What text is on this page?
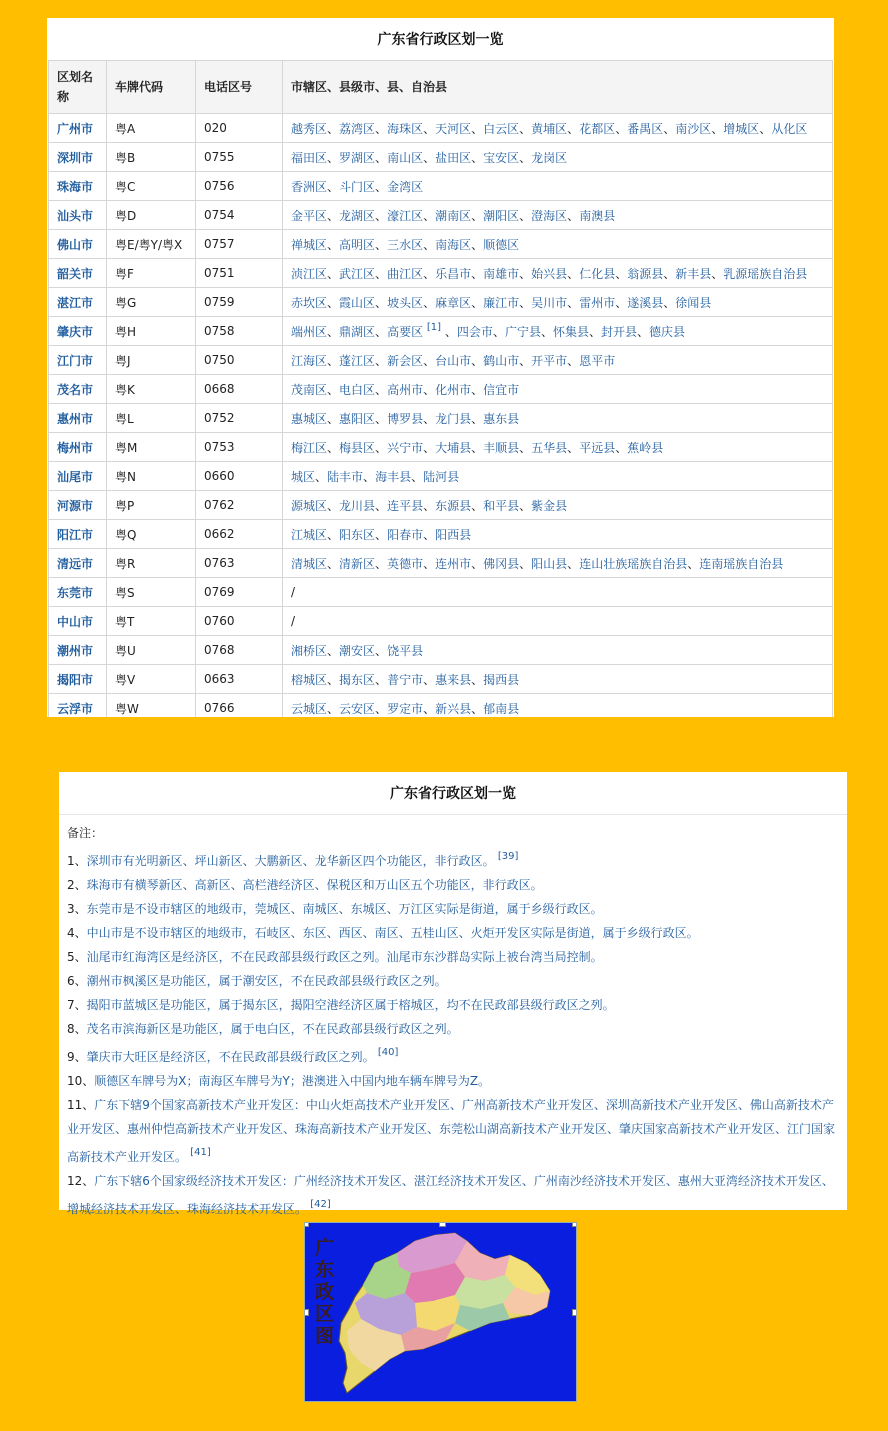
广东省行政区划一览
区划名称	车牌代码	电话区号	市辖区、县级市、县、自治县
广州市	粤A	020	越秀区、荔湾区、海珠区、天河区、白云区、黄埔区、花都区、番禺区、南沙区、增城区、从化区
深圳市	粤B	0755	福田区、罗湖区、南山区、盐田区、宝安区、龙岗区
珠海市	粤C	0756	香洲区、斗门区、金湾区
汕头市	粤D	0754	金平区、龙湖区、濠江区、潮南区、潮阳区、澄海区、南澳县
佛山市	粤E/粤Y/粤X	0757	禅城区、高明区、三水区、南海区、顺德区
韶关市	粤F	0751	浈江区、武江区、曲江区、乐昌市、南雄市、始兴县、仁化县、翁源县、新丰县、乳源瑶族自治县
湛江市	粤G	0759	赤坎区、霞山区、坡头区、麻章区、廉江市、吴川市、雷州市、遂溪县、徐闻县
肇庆市	粤H	0758	端州区、鼎湖区、高要区 [1] 、四会市、广宁县、怀集县、封开县、德庆县
江门市	粤J	0750	江海区、蓬江区、新会区、台山市、鹤山市、开平市、恩平市
茂名市	粤K	0668	茂南区、电白区、高州市、化州市、信宜市
惠州市	粤L	0752	惠城区、惠阳区、博罗县、龙门县、惠东县
梅州市	粤M	0753	梅江区、梅县区、兴宁市、大埔县、丰顺县、五华县、平远县、蕉岭县
汕尾市	粤N	0660	城区、陆丰市、海丰县、陆河县
河源市	粤P	0762	源城区、龙川县、连平县、东源县、和平县、紫金县
阳江市	粤Q	0662	江城区、阳东区、阳春市、阳西县
清远市	粤R	0763	清城区、清新区、英德市、连州市、佛冈县、阳山县、连山壮族瑶族自治县、连南瑶族自治县
东莞市	粤S	0769	/
中山市	粤T	0760	/
潮州市	粤U	0768	湘桥区、潮安区、饶平县
揭阳市	粤V	0663	榕城区、揭东区、普宁市、惠来县、揭西县
云浮市	粤W	0766	云城区、云安区、罗定市、新兴县、郁南县
广东省行政区划一览

备注：

1、深圳市有光明新区、坪山新区、大鹏新区、龙华新区四个功能区，非行政区。 [39]

2、珠海市有横琴新区、高新区、高栏港经济区、保税区和万山区五个功能区，非行政区。

3、东莞市是不设市辖区的地级市，莞城区、南城区、东城区、万江区实际是街道，属于乡级行政区。

4、中山市是不设市辖区的地级市，石岐区、东区、西区、南区、五桂山区、火炬开发区实际是街道，属于乡级行政区。

5、汕尾市红海湾区是经济区，不在民政部县级行政区之列。汕尾市东沙群岛实际上被台湾当局控制。

6、潮州市枫溪区是功能区，属于潮安区，不在民政部县级行政区之列。

7、揭阳市蓝城区是功能区，属于揭东区，揭阳空港经济区属于榕城区，均不在民政部县级行政区之列。

8、茂名市滨海新区是功能区，属于电白区，不在民政部县级行政区之列。

9、肇庆市大旺区是经济区，不在民政部县级行政区之列。 [40]

10、顺德区车牌号为X；南海区车牌号为Y；港澳进入中国内地车辆车牌号为Z。

11、广东下辖9个国家高新技术产业开发区：中山火炬高技术产业开发区、广州高新技术产业开发区、深圳高新技术产业开发区、佛山高新技术产业开发区、惠州仲恺高新技术产业开发区、珠海高新技术产业开发区、东莞松山湖高新技术产业开发区、肇庆国家高新技术产业开发区、江门国家高新技术产业开发区。 [41]

12、广东下辖6个国家级经济技术开发区：广州经济技术开发区、湛江经济技术开发区、广州南沙经济技术开发区、惠州大亚湾经济技术开发区、增城经济技术开发区、珠海经济技术开发区。 [42]

广东政区图
